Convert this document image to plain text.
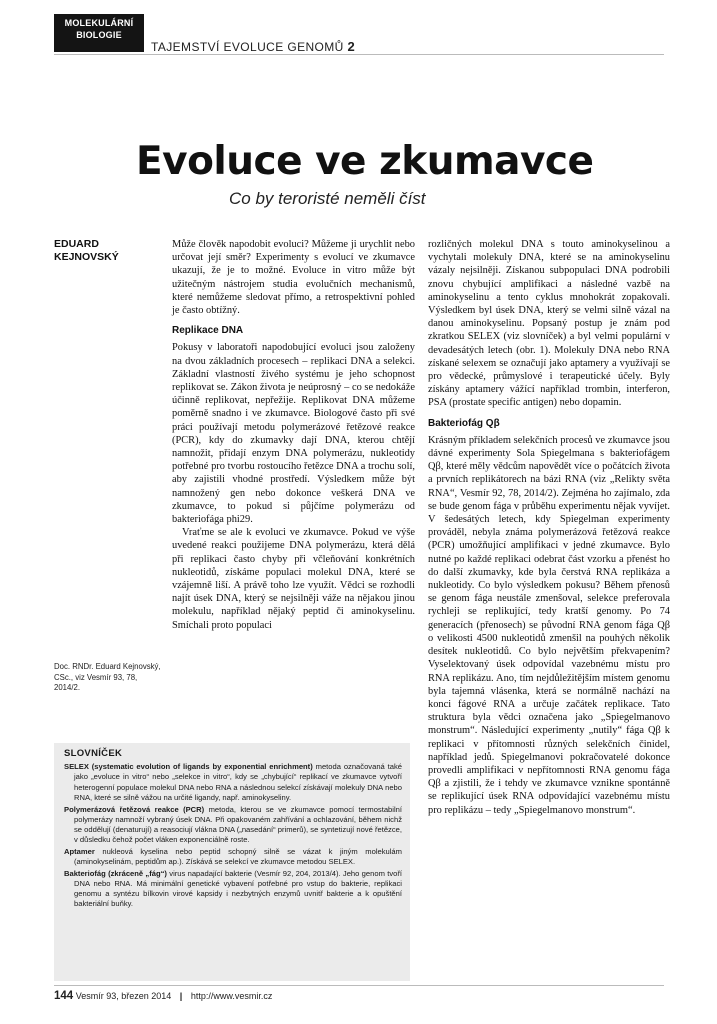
MOLEKULÁRNÍ
BIOLOGIE
TAJEMSTVÍ EVOLUCE GENOMŮ 2
Evoluce ve zkumavce
Co by teroristé neměli číst
EDUARD
KEJNOVSKÝ
Doc. RNDr. Eduard Kejnovský, CSc., viz Vesmír 93, 78, 2014/2.

Může člověk napodobit evoluci? Můžeme ji urychlit nebo určovat její směr? Experimenty s evolucí ve zkumavce ukazují, že je to možné. Evoluce in vitro může být užitečným nástrojem studia evolučních mechanismů, které nemůžeme sledovat přímo, a retrospektivní pohled je často obtížný.

Replikace DNA

Pokusy v laboratoři napodobující evoluci jsou založeny na dvou základních procesech – replikaci DNA a selekci. Základní vlastností živého systému je jeho schopnost replikovat se. Zákon života je neúprosný – co se nedokáže účinně replikovat, nepřežije. Replikovat DNA můžeme poměrně snadno i ve zkumavce. Biologové často při své práci používají metodu polymerázové řetězové reakce (PCR), kdy do zkumavky dají DNA, kterou chtějí namnožit, přidají enzym DNA polymerázu, nukleotidy potřebné pro tvorbu rostoucího řetězce DNA a trochu solí, aby zajistili vhodné prostředí. Výsledkem může být namnožený gen nebo dokonce veškerá DNA ve zkumavce, to pokud si půjčíme polymerázu od bakteriofága phi29.

Vraťme se ale k evoluci ve zkumavce. Pokud ve výše uvedené reakci použijeme DNA polymerázu, která dělá při replikaci často chyby při včleňování konkrétních nukleotidů, získáme populaci molekul DNA, které se vzájemně liší. A právě toho lze využít. Vědci se rozhodli najít úsek DNA, který se nejsilněji váže na nějakou jinou molekulu, například nějaký peptid či aminokyselinu. Smíchali proto populaci

rozličných molekul DNA s touto aminokyselinou a vychytali molekuly DNA, které se na aminokyselinu vázaly nejsilněji. Získanou subpopulaci DNA podrobili znovu chybující amplifikaci a následné vazbě na aminokyselinu a tento cyklus mnohokrát zopakovali. Výsledkem byl úsek DNA, který se velmi silně vázal na danou aminokyselinu. Popsaný postup je znám pod zkratkou SELEX (viz slovníček) a byl velmi populární v devadesátých letech (obr. 1). Molekuly DNA nebo RNA získané selexem se označují jako aptamery a využívají se pro vědecké, průmyslové i terapeutické účely. Byly získány aptamery vážící například trombin, interferon, PSA (prostate specific antigen) nebo dopamin.

Bakteriofág Qβ

Krásným příkladem selekčních procesů ve zkumavce jsou dávné experimenty Sola Spiegelmana s bakteriofágem Qβ, které měly vědcům napovědět více o počátcích života a prvních replikátorech na bázi RNA (viz „Relikty světa RNA“, Vesmír 92, 78, 2014/2). Zejména ho zajímalo, zda se bude genom fága v průběhu experimentu nějak vyvíjet. V šedesátých letech, kdy Spiegelman experimenty prováděl, nebyla známa polymerázová řetězová reakce (PCR) umožňující amplifikaci v jedné zkumavce. Bylo nutné po každé replikaci odebrat část vzorku a přenést ho do další zkumavky, kde byla čerstvá RNA replikáza a nukleotidy. Co bylo výsledkem pokusu? Během přenosů se genom fága neustále zmenšoval, selekce preferovala rychleji se replikující, tedy kratší genomy. Po 74 generacích (přenosech) se původní RNA genom fága Qβ o velikosti 4500 nukleotidů zmenšil na pouhých několik desítek nukleotidů. Co bylo největším překvapením? Vyselektovaný úsek odpovídal vazebnému místu pro RNA replikázu. Ano, tím nejdůležitějším místem genomu byla tajemná vlásenka, která se normálně nachází na konci fágové RNA a určuje začátek replikace. Tato struktura byla vědci označena jako „Spiegelmanovo monstrum“. Následující experimenty „nutily“ fága Qβ k replikaci v přítomnosti různých selekčních činidel, například jedů. Spiegelmanovi pokračovatelé dokonce provedli amplifikaci v nepřítomnosti RNA genomu fága Qβ a zjistili, že i tehdy ve zkumavce vznikne spontánně se replikující úsek RNA odpovídající vazebnému místu pro replikázu – tedy „Spiegelmanovo monstrum“.

SLOVNÍČEK
SELEX (systematic evolution of ligands by exponential enrichment) metoda označovaná také jako „evoluce in vitro“ nebo „selekce in vitro“, kdy se „chybující“ replikací ve zkumavce vytvoří heterogenní populace molekul DNA nebo RNA a následnou selekcí získávají molekuly DNA nebo RNA, které se silně vážou na určité ligandy, např. aminokyseliny.
Polymerázová řetězová reakce (PCR) metoda, kterou se ve zkumavce pomocí termostabilní polymerázy namnoží vybraný úsek DNA. Při opakovaném zahřívání a ochlazování, během nichž se oddělují (denaturují) a reasociují vlákna DNA („nasedání“ primerů), se syntetizují nové řetězce, v důsledku čehož počet vláken exponenciálně roste.
Aptamer nukleová kyselina nebo peptid schopný silně se vázat k jiným molekulám (aminokyselinám, peptidům ap.). Získává se selekcí ve zkumavce metodou SELEX.
Bakteriofág (zkráceně „fág“) virus napadající bakterie (Vesmír 92, 204, 2013/4). Jeho genom tvoří DNA nebo RNA. Má minimální genetické vybavení potřebné pro vstup do bakterie, replikaci genomu a syntézu bílkovin virové kapsidy i nezbytných enzymů uvnitř bakterie a k opuštění bakteriální buňky.
144 Vesmír 93, březen 2014 | http://www.vesmir.cz
